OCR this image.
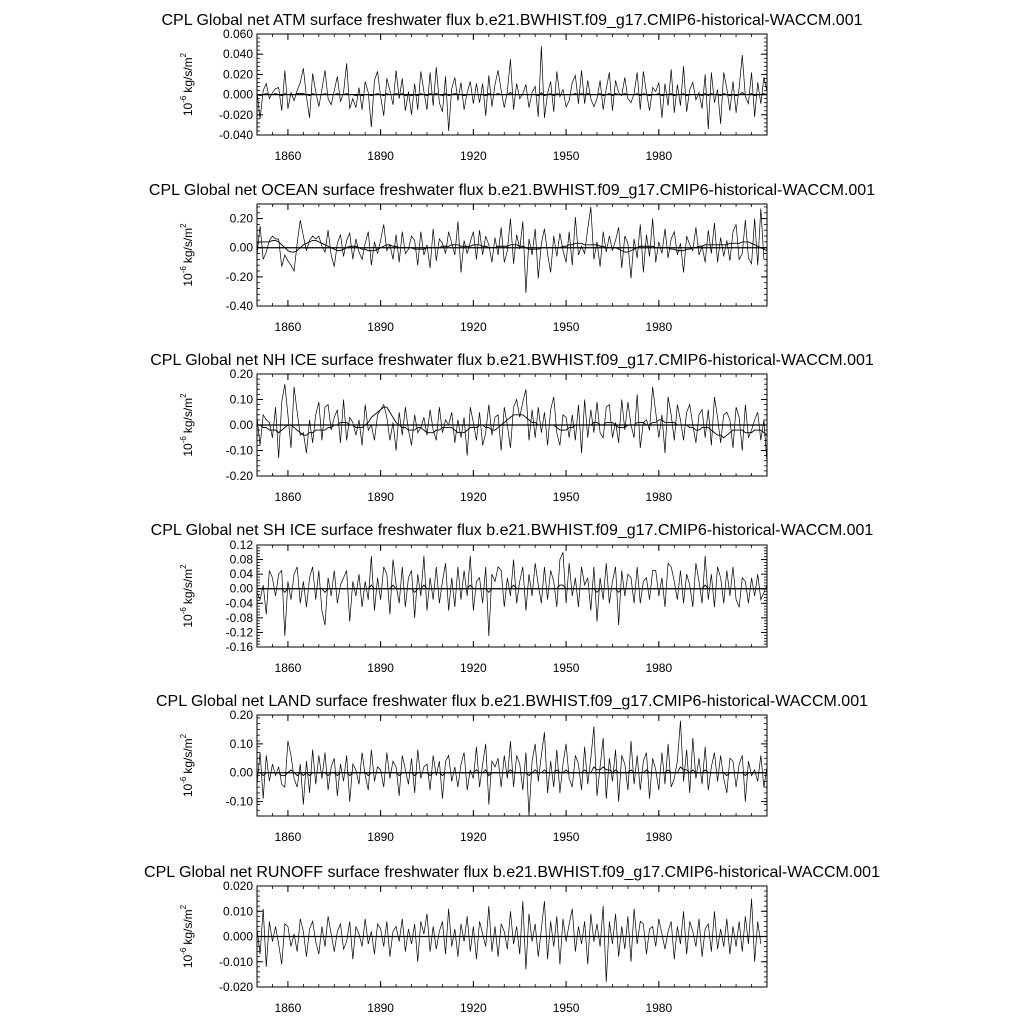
CPL Global net ATM surface freshwater flux b.e21.BWHIST.f09_g17.CMIP6-historical-WACCM.001
-0.040
-0.020
0.000
0.020
0.040
0.060
1860	1890	1920	1950	1980
$10^{-6}kg/s/m^2$
CPL Global net OCEAN surface freshwater flux b.e21.BWHIST.f09_g17.CMIP6-historical-WACCM.001
-0.40
-0.20
0.00
0.20
1860	1890	1920	1950	1980
$10^{-6}kg/s/m^2$
CPL Global net NH ICE surface freshwater flux b.e21.BWHIST.f09_g17.CMIP6-historical-WACCM.001
-0.20
-0.10
0.00
0.10
0.20
1860	1890	1920	1950	1980
$10^{-6}kg/s/m^2$
CPL Global net SH ICE surface freshwater flux b.e21.BWHIST.f09_g17.CMIP6-historical-WACCM.001
-0.16
-0.12
-0.08
-0.04
0.00
0.04
0.08
0.12
1860	1890	1920	1950	1980
$10^{-6}kg/s/m^2$
CPL Global net LAND surface freshwater flux b.e21.BWHIST.f09_g17.CMIP6-historical-WACCM.001
-0.10
0.00
0.10
0.20
1860	1890	1920	1950	1980
$10^{-6}kg/s/m^2$
CPL Global net RUNOFF surface freshwater flux b.e21.BWHIST.f09_g17.CMIP6-historical-WACCM.001
-0.020
-0.010
0.000
0.010
0.020
1860	1890	1920	1950	1980
$10^{-6}kg/s/m^2$
